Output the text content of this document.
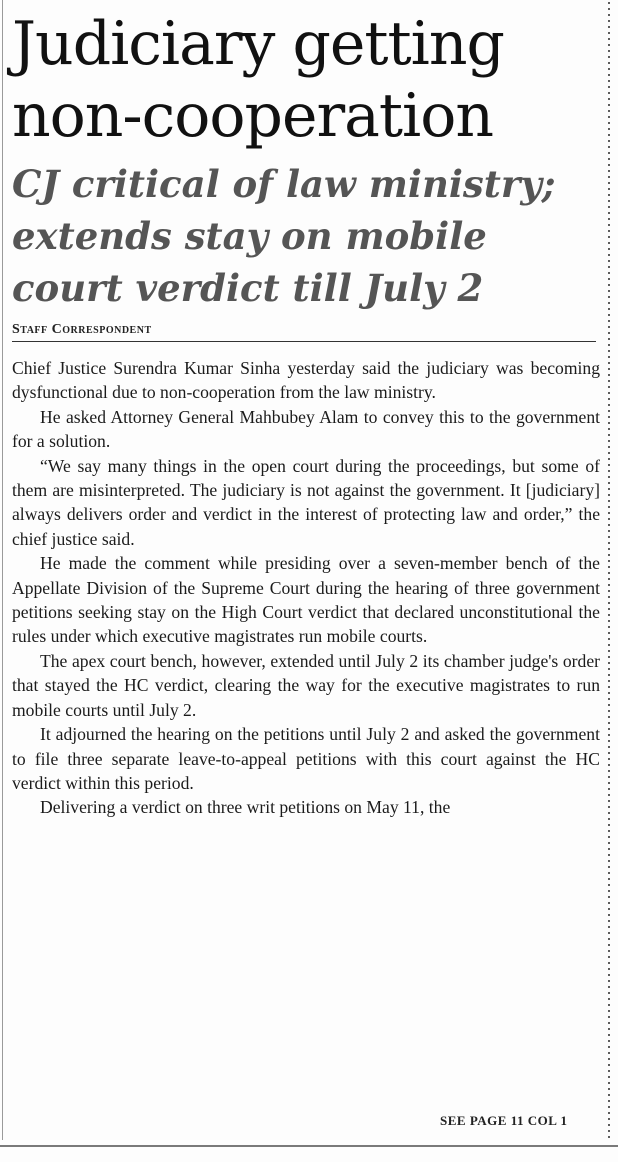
Judiciary getting non-cooperation
CJ critical of law ministry; extends stay on mobile court verdict till July 2
Staff Correspondent

Chief Justice Surendra Kumar Sinha yesterday said the judiciary was becoming dysfunctional due to non-cooperation from the law ministry.

He asked Attorney General Mahbubey Alam to convey this to the government for a solution.

“We say many things in the open court during the proceedings, but some of them are misinterpreted. The judiciary is not against the government. It [judiciary] always delivers order and verdict in the interest of protecting law and order,” the chief justice said.

He made the comment while presiding over a seven-member bench of the Appellate Division of the Supreme Court during the hearing of three government petitions seeking stay on the High Court verdict that declared unconstitutional the rules under which executive magistrates run mobile courts.

The apex court bench, however, extended until July 2 its chamber judge's order that stayed the HC verdict, clearing the way for the executive magistrates to run mobile courts until July 2.

It adjourned the hearing on the petitions until July 2 and asked the government to file three separate leave-to-appeal petitions with this court against the HC verdict within this period.

Delivering a verdict on three writ petitions on May 11, the

SEE PAGE 11 COL 1
